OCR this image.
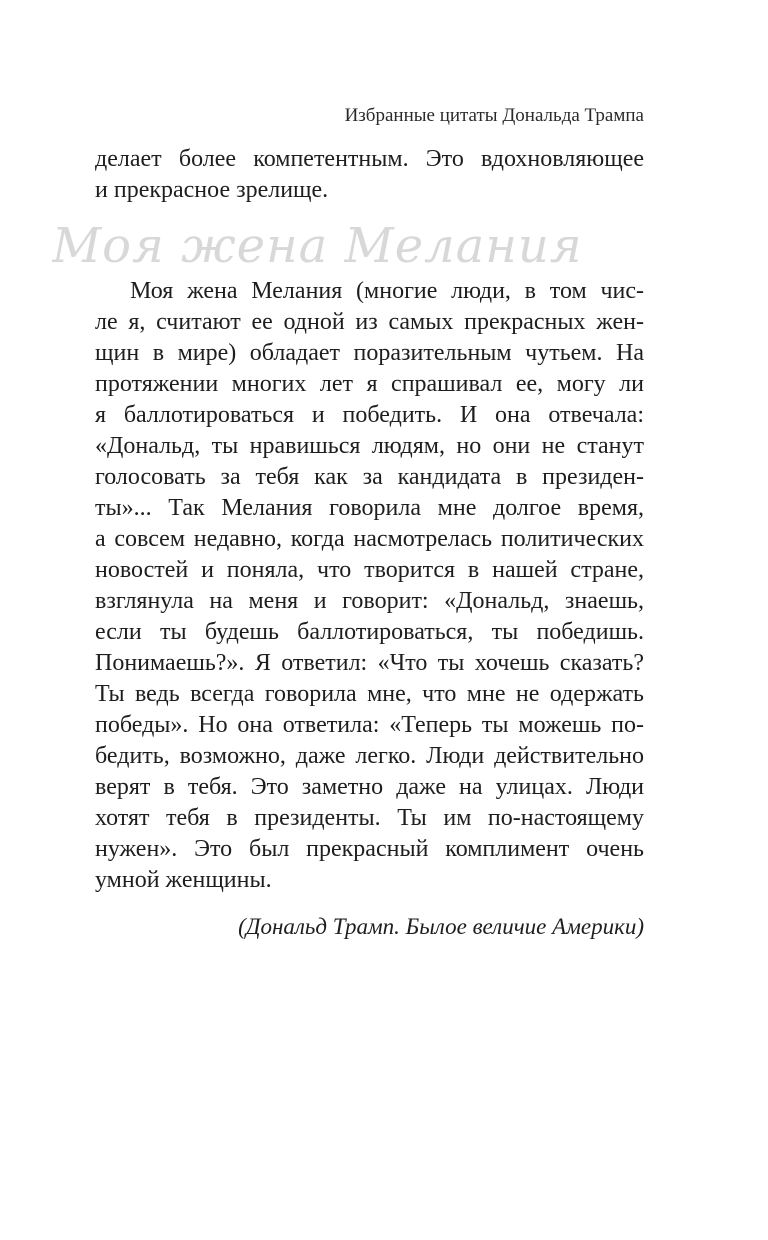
Избранные цитаты Дональда Трампа
делает более компетентным. Это вдохновляющее
и прекрасное зрелище.
Моя жена Мелания
Моя жена Мелания (многие люди, в том чис-
ле я, считают ее одной из самых прекрасных жен-
щин в мире) обладает поразительным чутьем. На
протяжении многих лет я спрашивал ее, могу ли
я баллотироваться и победить. И она отвечала:
«Дональд, ты нравишься людям, но они не станут
голосовать за тебя как за кандидата в президен-
ты»... Так Мелания говорила мне долгое время,
а совсем недавно, когда насмотрелась политических
новостей и поняла, что творится в нашей стране,
взглянула на меня и говорит: «Дональд, знаешь,
если ты будешь баллотироваться, ты победишь.
Понимаешь?». Я ответил: «Что ты хочешь сказать?
Ты ведь всегда говорила мне, что мне не одержать
победы». Но она ответила: «Теперь ты можешь по-
бедить, возможно, даже легко. Люди действительно
верят в тебя. Это заметно даже на улицах. Люди
хотят тебя в президенты. Ты им по-настоящему
нужен». Это был прекрасный комплимент очень
умной женщины.
(Дональд Трамп. Былое величие Америки)
